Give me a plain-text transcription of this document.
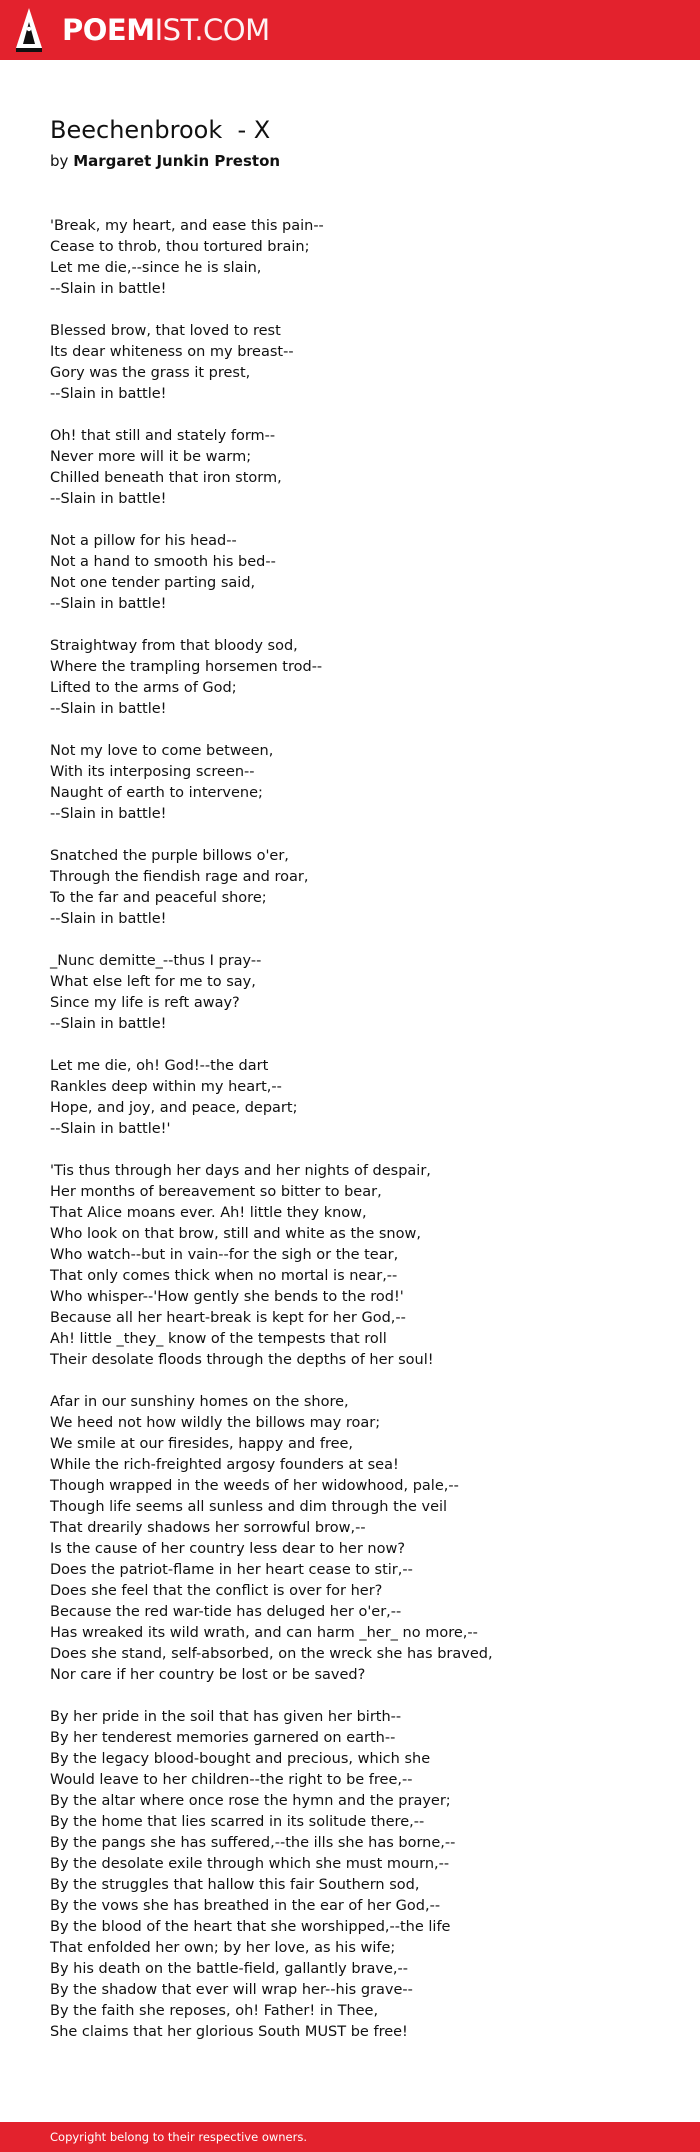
POEMIST.COM
Beechenbrook  - X

by Margaret Junkin Preston

'Break, my heart, and ease this pain--
Cease to throb, thou tortured brain;
Let me die,--since he is slain,
--Slain in battle!
Blessed brow, that loved to rest
Its dear whiteness on my breast--
Gory was the grass it prest,
--Slain in battle!
Oh! that still and stately form--
Never more will it be warm;
Chilled beneath that iron storm,
--Slain in battle!
Not a pillow for his head--
Not a hand to smooth his bed--
Not one tender parting said,
--Slain in battle!
Straightway from that bloody sod,
Where the trampling horsemen trod--
Lifted to the arms of God;
--Slain in battle!
Not my love to come between,
With its interposing screen--
Naught of earth to intervene;
--Slain in battle!
Snatched the purple billows o'er,
Through the fiendish rage and roar,
To the far and peaceful shore;
--Slain in battle!
_Nunc demitte_--thus I pray--
What else left for me to say,
Since my life is reft away?
--Slain in battle!
Let me die, oh! God!--the dart
Rankles deep within my heart,--
Hope, and joy, and peace, depart;
--Slain in battle!'
'Tis thus through her days and her nights of despair,
Her months of bereavement so bitter to bear,
That Alice moans ever. Ah! little they know,
Who look on that brow, still and white as the snow,
Who watch--but in vain--for the sigh or the tear,
That only comes thick when no mortal is near,--
Who whisper--'How gently she bends to the rod!'
Because all her heart-break is kept for her God,--
Ah! little _they_ know of the tempests that roll
Their desolate floods through the depths of her soul!
Afar in our sunshiny homes on the shore,
We heed not how wildly the billows may roar;
We smile at our firesides, happy and free,
While the rich-freighted argosy founders at sea!
Though wrapped in the weeds of her widowhood, pale,--
Though life seems all sunless and dim through the veil
That drearily shadows her sorrowful brow,--
Is the cause of her country less dear to her now?
Does the patriot-flame in her heart cease to stir,--
Does she feel that the conflict is over for her?
Because the red war-tide has deluged her o'er,--
Has wreaked its wild wrath, and can harm _her_ no more,--
Does she stand, self-absorbed, on the wreck she has braved,
Nor care if her country be lost or be saved?
By her pride in the soil that has given her birth--
By her tenderest memories garnered on earth--
By the legacy blood-bought and precious, which she
Would leave to her children--the right to be free,--
By the altar where once rose the hymn and the prayer;
By the home that lies scarred in its solitude there,--
By the pangs she has suffered,--the ills she has borne,--
By the desolate exile through which she must mourn,--
By the struggles that hallow this fair Southern sod,
By the vows she has breathed in the ear of her God,--
By the blood of the heart that she worshipped,--the life
That enfolded her own; by her love, as his wife;
By his death on the battle-field, gallantly brave,--
By the shadow that ever will wrap her--his grave--
By the faith she reposes, oh! Father! in Thee,
She claims that her glorious South MUST be free!
Copyright belong to their respective owners.
